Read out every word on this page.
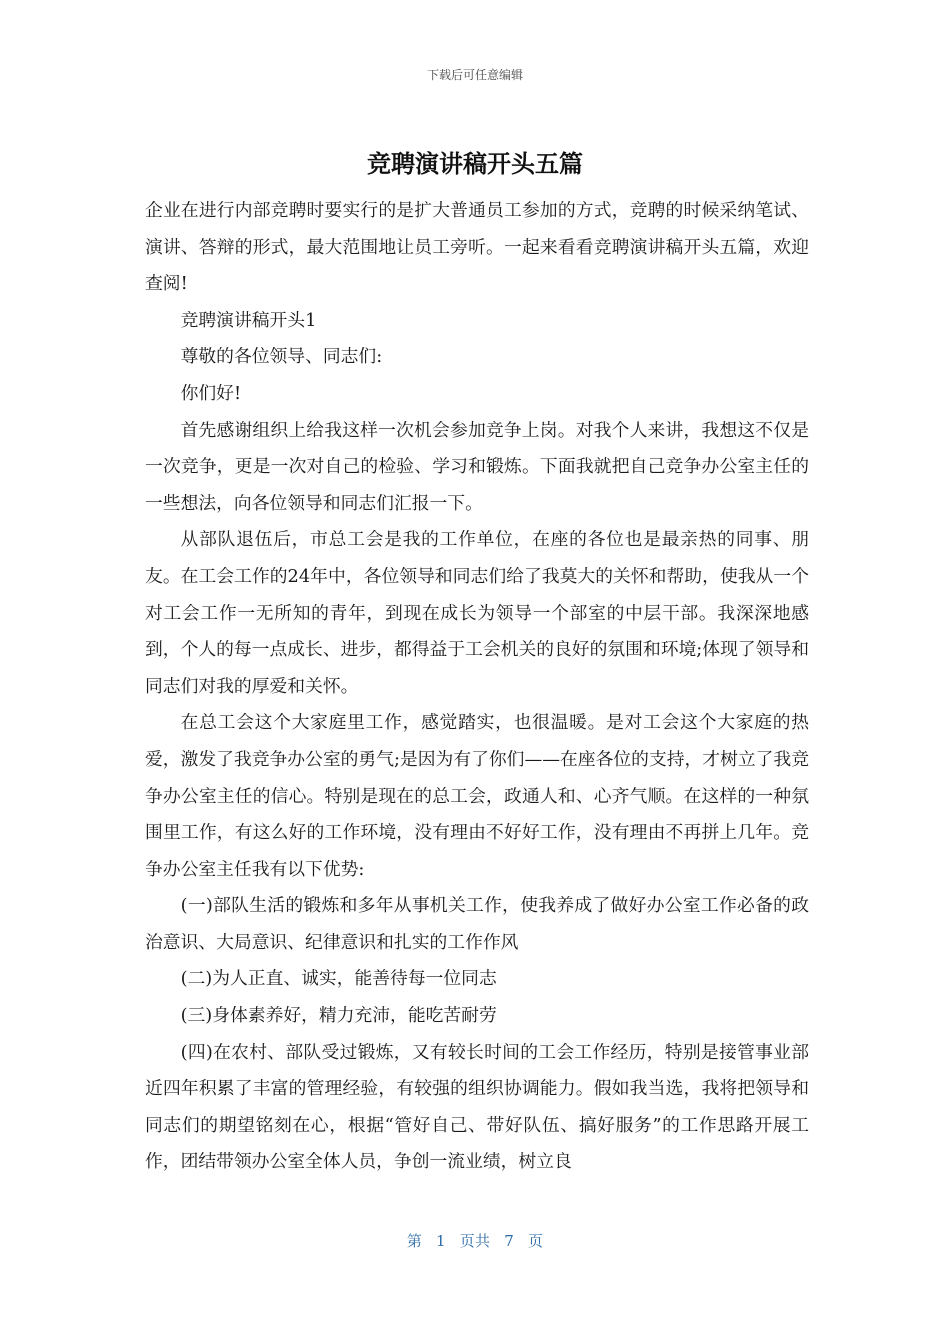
下载后可任意编辑
竞聘演讲稿开头五篇

企业在进行内部竞聘时要实行的是扩大普通员工参加的方式，竞聘的时候采纳笔试、演讲、答辩的形式，最大范围地让员工旁听。一起来看看竞聘演讲稿开头五篇，欢迎查阅!

竞聘演讲稿开头1

尊敬的各位领导、同志们:

你们好!

首先感谢组织上给我这样一次机会参加竞争上岗。对我个人来讲，我想这不仅是一次竞争，更是一次对自己的检验、学习和锻炼。下面我就把自己竞争办公室主任的一些想法，向各位领导和同志们汇报一下。

从部队退伍后，市总工会是我的工作单位，在座的各位也是最亲热的同事、朋友。在工会工作的24年中，各位领导和同志们给了我莫大的关怀和帮助，使我从一个对工会工作一无所知的青年，到现在成长为领导一个部室的中层干部。我深深地感到，个人的每一点成长、进步，都得益于工会机关的良好的氛围和环境;体现了领导和同志们对我的厚爱和关怀。

在总工会这个大家庭里工作，感觉踏实，也很温暖。是对工会这个大家庭的热爱，激发了我竞争办公室的勇气;是因为有了你们——在座各位的支持，才树立了我竞争办公室主任的信心。特别是现在的总工会，政通人和、心齐气顺。在这样的一种氛围里工作，有这么好的工作环境，没有理由不好好工作，没有理由不再拼上几年。竞争办公室主任我有以下优势:

(一)部队生活的锻炼和多年从事机关工作，使我养成了做好办公室工作必备的政治意识、大局意识、纪律意识和扎实的工作作风

(二)为人正直、诚实，能善待每一位同志

(三)身体素养好，精力充沛，能吃苦耐劳

(四)在农村、部队受过锻炼，又有较长时间的工会工作经历，特别是接管事业部近四年积累了丰富的管理经验，有较强的组织协调能力。假如我当选，我将把领导和同志们的期望铭刻在心，根据“管好自己、带好队伍、搞好服务”的工作思路开展工作，团结带领办公室全体人员，争创一流业绩，树立良

第 1 页共 7 页
